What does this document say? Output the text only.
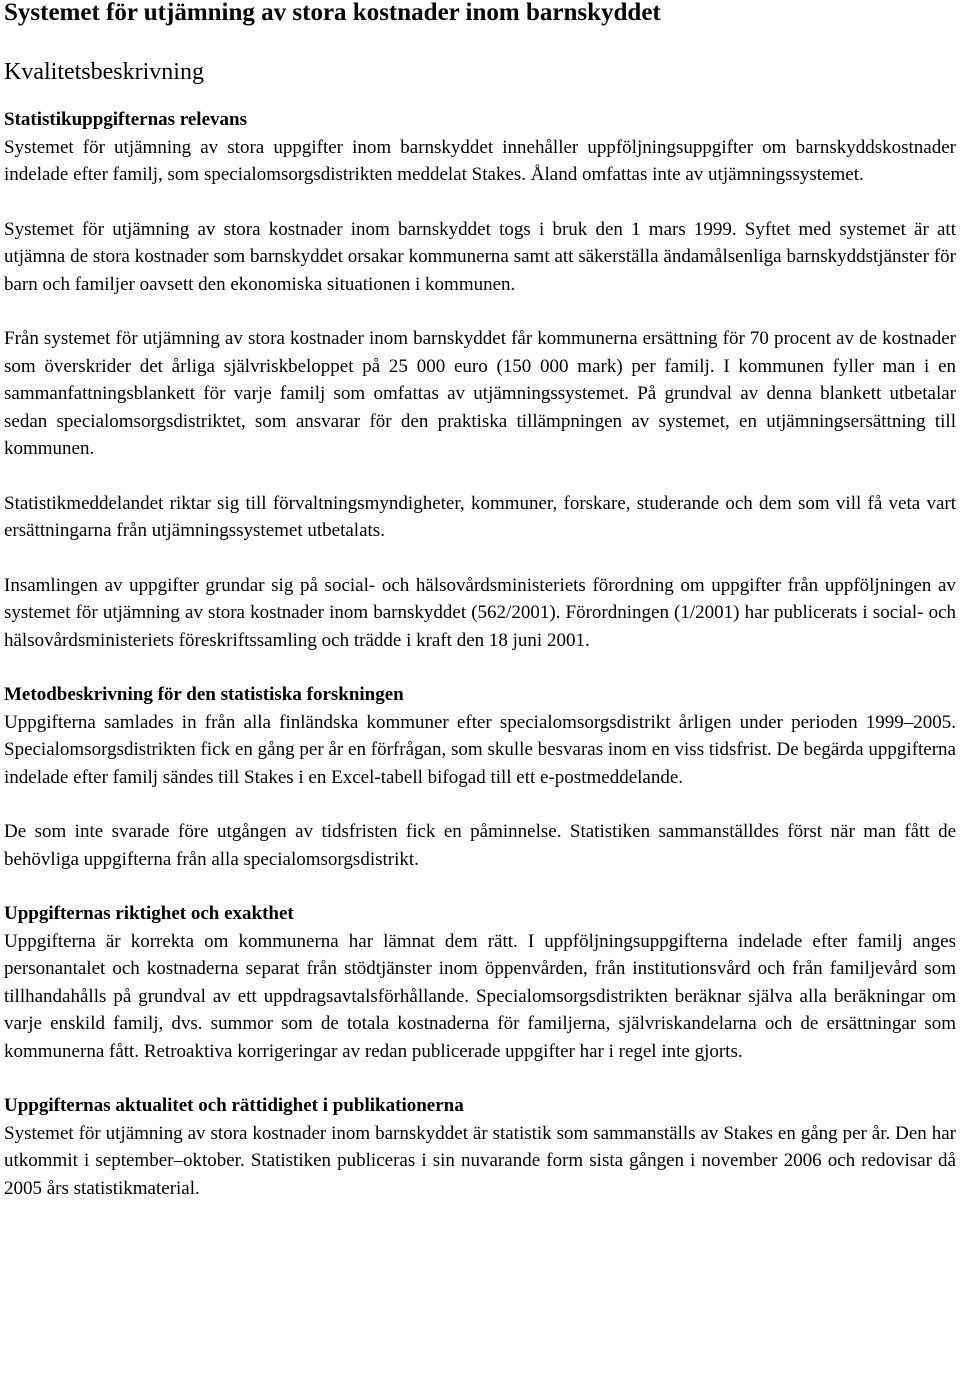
Systemet för utjämning av stora kostnader inom barnskyddet
Kvalitetsbeskrivning
Statistikuppgifternas relevans

Systemet för utjämning av stora uppgifter inom barnskyddet innehåller uppföljningsuppgifter om barnskyddskostnader indelade efter familj, som specialomsorgsdistrikten meddelat Stakes. Åland omfattas inte av utjämningssystemet.

Systemet för utjämning av stora kostnader inom barnskyddet togs i bruk den 1 mars 1999. Syftet med systemet är att utjämna de stora kostnader som barnskyddet orsakar kommunerna samt att säkerställa ändamålsenliga barnskyddstjänster för barn och familjer oavsett den ekonomiska situationen i kommunen.

Från systemet för utjämning av stora kostnader inom barnskyddet får kommunerna ersättning för 70 procent av de kostnader som överskrider det årliga självriskbeloppet på 25 000 euro (150 000 mark) per familj. I kommunen fyller man i en sammanfattningsblankett för varje familj som omfattas av utjämningssystemet. På grundval av denna blankett utbetalar sedan specialomsorgsdistriktet, som ansvarar för den praktiska tillämpningen av systemet, en utjämningsersättning till kommunen.

Statistikmeddelandet riktar sig till förvaltningsmyndigheter, kommuner, forskare, studerande och dem som vill få veta vart ersättningarna från utjämningssystemet utbetalats.

Insamlingen av uppgifter grundar sig på social- och hälsovårdsministeriets förordning om uppgifter från uppföljningen av systemet för utjämning av stora kostnader inom barnskyddet (562/2001). Förordningen (1/2001) har publicerats i social- och hälsovårdsministeriets föreskriftssamling och trädde i kraft den 18 juni 2001.

Metodbeskrivning för den statistiska forskningen

Uppgifterna samlades in från alla finländska kommuner efter specialomsorgsdistrikt årligen under perioden 1999–2005. Specialomsorgsdistrikten fick en gång per år en förfrågan, som skulle besvaras inom en viss tidsfrist. De begärda uppgifterna indelade efter familj sändes till Stakes i en Excel-tabell bifogad till ett e-postmeddelande.

De som inte svarade före utgången av tidsfristen fick en påminnelse. Statistiken sammanställdes först när man fått de behövliga uppgifterna från alla specialomsorgsdistrikt.

Uppgifternas riktighet och exakthet

Uppgifterna är korrekta om kommunerna har lämnat dem rätt. I uppföljningsuppgifterna indelade efter familj anges personantalet och kostnaderna separat från stödtjänster inom öppenvården, från institutionsvård och från familjevård som tillhandahålls på grundval av ett uppdragsavtalsförhållande. Specialomsorgsdistrikten beräknar själva alla beräkningar om varje enskild familj, dvs. summor som de totala kostnaderna för familjerna, självriskandelarna och de ersättningar som kommunerna fått. Retroaktiva korrigeringar av redan publicerade uppgifter har i regel inte gjorts.

Uppgifternas aktualitet och rättidighet i publikationerna

Systemet för utjämning av stora kostnader inom barnskyddet är statistik som sammanställs av Stakes en gång per år. Den har utkommit i september–oktober. Statistiken publiceras i sin nuvarande form sista gången i november 2006 och redovisar då 2005 års statistikmaterial.
